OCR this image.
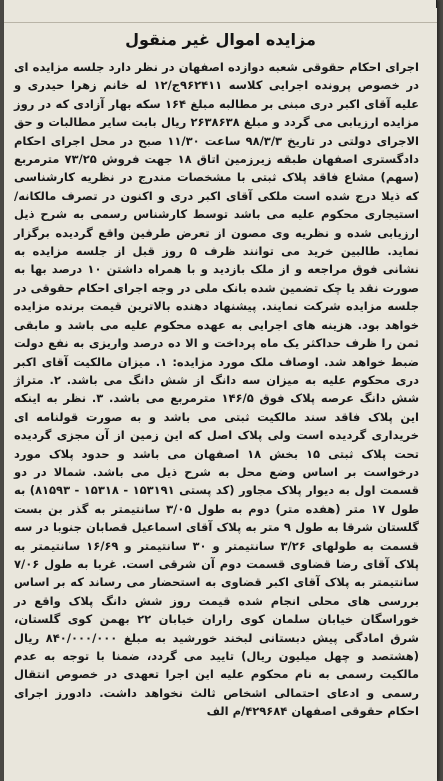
مزایده اموال غیر منقول
اجرای احکام حقوقی شعبه دوازده اصفهان در نظر دارد جلسه مزایده ای در خصوص پرونده اجرایی کلاسه ۹۶۲۴۱۱ج/۱۲ له خانم زهرا حیدری و علیه آقای اکبر دری مبنی بر مطالبه مبلغ ۱۶۴ سکه بهار آزادی که در روز مزایده ارزیابی می گردد و مبلغ ۲۶۳۸۶۳۸ ریال بابت سایر مطالبات و حق الاجرای دولتی در تاریخ ۹۸/۳/۳ ساعت ۱۱/۳۰ صبح در محل اجرای احکام دادگستری اصفهان طبقه زیرزمین اتاق ۱۸ جهت فروش ۷۳/۲۵ مترمربع (سهم) مشاع فاقد پلاک ثبتی با مشخصات مندرج در نظریه کارشناسی که ذیلا درج شده است ملکی آقای اکبر دری و اکنون در تصرف مالکانه/استیجاری محکوم علیه می باشد توسط کارشناس رسمی به شرح ذیل ارزیابی شده و نظریه وی مصون از تعرض طرفین واقع گردیده برگزار نماید. طالبین خرید می توانند ظرف ۵ روز قبل از جلسه مزایده به نشانی فوق مراجعه و از ملک بازدید و با همراه داشتن ۱۰ درصد بها به صورت نقد یا چک تضمین شده بانک ملی در وجه اجرای احکام حقوقی در جلسه مزایده شرکت نمایند. پیشنهاد دهنده بالاترین قیمت برنده مزایده خواهد بود. هزینه های اجرایی به عهده محکوم علیه می باشد و مابقی ثمن را ظرف حداکثر یک ماه پرداخت و الا ده درصد واریزی به نفع دولت ضبط خواهد شد. اوصاف ملک مورد مزایده: ۱. میزان مالکیت آقای اکبر دری محکوم علیه به میزان سه دانگ از شش دانگ می باشد. ۲. متراژ شش دانگ عرصه پلاک فوق ۱۴۶/۵ مترمربع می باشد. ۳. نظر به اینکه این پلاک فاقد سند مالکیت ثبتی می باشد و به صورت قولنامه ای خریداری گردیده است ولی پلاک اصل که این زمین از آن مجزی گردیده تحت پلاک ثبتی ۱۵ بخش ۱۸ اصفهان می باشد و حدود پلاک مورد درخواست بر اساس وضع محل به شرح ذیل می باشد. شمالا در دو قسمت اول به دیوار پلاک مجاور (کد پستی ۱۵۳۱۹۱ - ۱۵۳۱۸ - ۸۱۵۹۳) به طول ۱۷ متر (هفده متر) دوم به طول ۳/۰۵ سانتیمتر به گذر بن بست گلستان شرقا به طول ۹ متر به پلاک آقای اسماعیل قصابان جنوبا در سه قسمت به طولهای ۳/۲۶ سانتیمتر و ۳۰ سانتیمتر و ۱۶/۶۹ سانتیمتر به پلاک آقای رضا قضاوی قسمت دوم آن شرقی است. غربا به طول ۷/۰۶ سانتیمتر به پلاک آقای اکبر قضاوی به استحضار می رساند که بر اساس بررسی های محلی انجام شده قیمت روز شش دانگ پلاک واقع در خوراسگان خیابان سلمان کوی راران خیابان ۲۲ بهمن کوی گلستان، شرق امادگی پیش دبستانی لبخند خورشید به مبلغ ۸۴۰/۰۰۰/۰۰۰ ریال (هشتصد و چهل میلیون ریال) تایید می گردد، ضمنا با توجه به عدم مالکیت رسمی به نام محکوم علیه این اجرا تعهدی در خصوص انتقال رسمی و ادعای احتمالی اشخاص ثالث نخواهد داشت. دادورز اجرای احکام حقوقی اصفهان ۴۲۹۶۸۴/م الف
